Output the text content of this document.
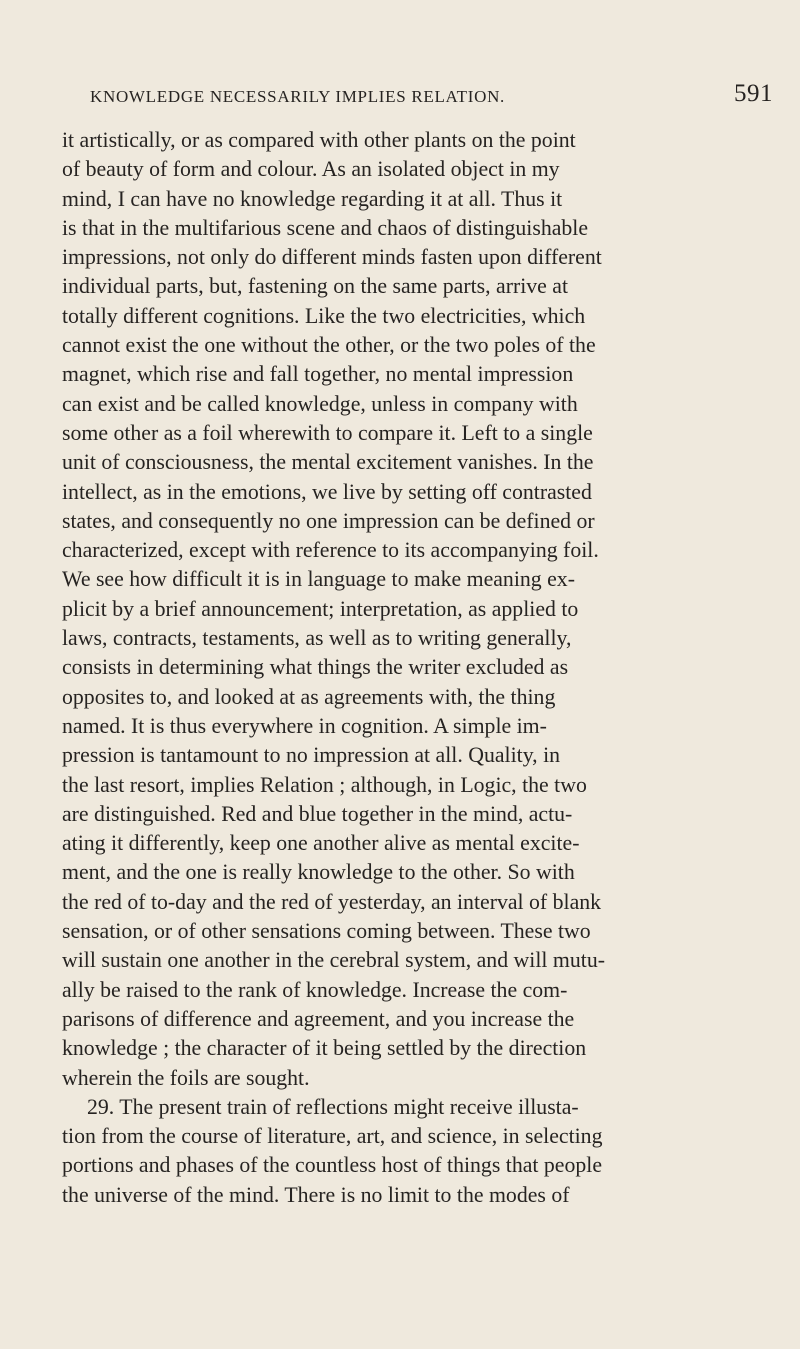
KNOWLEDGE NECESSARILY IMPLIES RELATION.	591
it artistically, or as compared with other plants on the point
of beauty of form and colour. As an isolated object in my
mind, I can have no knowledge regarding it at all. Thus it
is that in the multifarious scene and chaos of distinguishable
impressions, not only do different minds fasten upon different
individual parts, but, fastening on the same parts, arrive at
totally different cognitions. Like the two electricities, which
cannot exist the one without the other, or the two poles of the
magnet, which rise and fall together, no mental impression
can exist and be called knowledge, unless in company with
some other as a foil wherewith to compare it. Left to a single
unit of consciousness, the mental excitement vanishes. In the
intellect, as in the emotions, we live by setting off contrasted
states, and consequently no one impression can be defined or
characterized, except with reference to its accompanying foil.
We see how difficult it is in language to make meaning ex-
plicit by a brief announcement; interpretation, as applied to
laws, contracts, testaments, as well as to writing generally,
consists in determining what things the writer excluded as
opposites to, and looked at as agreements with, the thing
named. It is thus everywhere in cognition. A simple im-
pression is tantamount to no impression at all. Quality, in
the last resort, implies Relation ; although, in Logic, the two
are distinguished. Red and blue together in the mind, actu-
ating it differently, keep one another alive as mental excite-
ment, and the one is really knowledge to the other. So with
the red of to-day and the red of yesterday, an interval of blank
sensation, or of other sensations coming between. These two
will sustain one another in the cerebral system, and will mutu-
ally be raised to the rank of knowledge. Increase the com-
parisons of difference and agreement, and you increase the
knowledge ; the character of it being settled by the direction
wherein the foils are sought.
29. The present train of reflections might receive illusta-
tion from the course of literature, art, and science, in selecting
portions and phases of the countless host of things that people
the universe of the mind. There is no limit to the modes of
